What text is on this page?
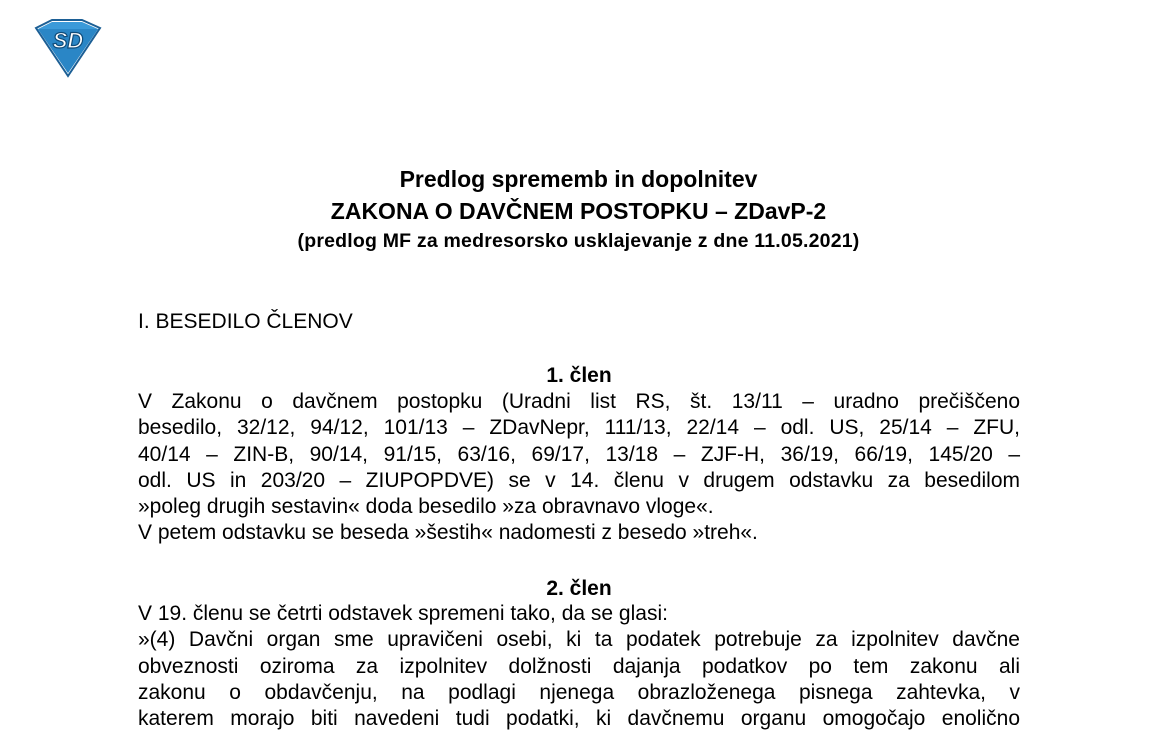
SD
Predlog sprememb in dopolnitev
ZAKONA O DAVČNEM POSTOPKU – ZDavP-2
(predlog MF za medresorsko usklajevanje z dne 11.05.2021)
I. BESEDILO ČLENOV
1. člen
V Zakonu o davčnem postopku (Uradni list RS, št. 13/11 – uradno prečiščeno
besedilo, 32/12, 94/12, 101/13 – ZDavNepr, 111/13, 22/14 – odl. US, 25/14 – ZFU,
40/14 – ZIN-B, 90/14, 91/15, 63/16, 69/17, 13/18 – ZJF-H, 36/19, 66/19, 145/20 –
odl. US in 203/20 – ZIUPOPDVE) se v 14. členu v drugem odstavku za besedilom
»poleg drugih sestavin« doda besedilo »za obravnavo vloge«.
V petem odstavku se beseda »šestih« nadomesti z besedo »treh«.
2. člen
V 19. členu se četrti odstavek spremeni tako, da se glasi:
»(4) Davčni organ sme upravičeni osebi, ki ta podatek potrebuje za izpolnitev davčne
obveznosti oziroma za izpolnitev dolžnosti dajanja podatkov po tem zakonu ali
zakonu o obdavčenju, na podlagi njenega obrazloženega pisnega zahtevka, v
katerem morajo biti navedeni tudi podatki, ki davčnemu organu omogočajo enolično
